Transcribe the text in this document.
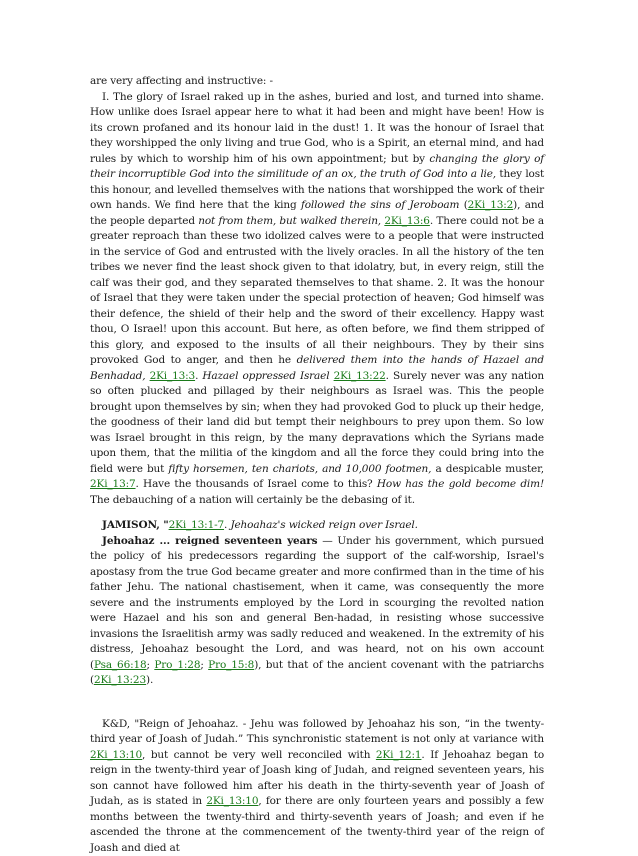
are very affecting and instructive: -

I. The glory of Israel raked up in the ashes, buried and lost, and turned into shame. How unlike does Israel appear here to what it had been and might have been! How is its crown profaned and its honour laid in the dust! 1. It was the honour of Israel that they worshipped the only living and true God, who is a Spirit, an eternal mind, and had rules by which to worship him of his own appointment; but by changing the glory of their incorruptible God into the similitude of an ox, the truth of God into a lie, they lost this honour, and levelled themselves with the nations that worshipped the work of their own hands. We find here that the king followed the sins of Jeroboam (2Ki_13:2), and the people departed not from them, but walked therein, 2Ki_13:6. There could not be a greater reproach than these two idolized calves were to a people that were instructed in the service of God and entrusted with the lively oracles. In all the history of the ten tribes we never find the least shock given to that idolatry, but, in every reign, still the calf was their god, and they separated themselves to that shame. 2. It was the honour of Israel that they were taken under the special protection of heaven; God himself was their defence, the shield of their help and the sword of their excellency. Happy wast thou, O Israel! upon this account. But here, as often before, we find them stripped of this glory, and exposed to the insults of all their neighbours. They by their sins provoked God to anger, and then he delivered them into the hands of Hazael and Benhadad, 2Ki_13:3. Hazael oppressed Israel 2Ki_13:22. Surely never was any nation so often plucked and pillaged by their neighbours as Israel was. This the people brought upon themselves by sin; when they had provoked God to pluck up their hedge, the goodness of their land did but tempt their neighbours to prey upon them. So low was Israel brought in this reign, by the many depravations which the Syrians made upon them, that the militia of the kingdom and all the force they could bring into the field were but fifty horsemen, ten chariots, and 10,000 footmen, a despicable muster, 2Ki_13:7. Have the thousands of Israel come to this? How has the gold become dim! The debauching of a nation will certainly be the debasing of it.

JAMISON, "2Ki_13:1-7. Jehoahaz's wicked reign over Israel.

Jehoahaz ... reigned seventeen years — Under his government, which pursued the policy of his predecessors regarding the support of the calf-worship, Israel's apostasy from the true God became greater and more confirmed than in the time of his father Jehu. The national chastisement, when it came, was consequently the more severe and the instruments employed by the Lord in scourging the revolted nation were Hazael and his son and general Ben-hadad, in resisting whose successive invasions the Israelitish army was sadly reduced and weakened. In the extremity of his distress, Jehoahaz besought the Lord, and was heard, not on his own account (Psa_66:18; Pro_1:28; Pro_15:8), but that of the ancient covenant with the patriarchs (2Ki_13:23).

K&D, "Reign of Jehoahaz. - Jehu was followed by Jehoahaz his son, “in the twenty-third year of Joash of Judah.” This synchronistic statement is not only at variance with 2Ki_13:10, but cannot be very well reconciled with 2Ki_12:1. If Jehoahaz began to reign in the twenty-third year of Joash king of Judah, and reigned seventeen years, his son cannot have followed him after his death in the thirty-seventh year of Joash of Judah, as is stated in 2Ki_13:10, for there are only fourteen years and possibly a few months between the twenty-third and thirty-seventh years of Joash; and even if he ascended the throne at the commencement of the twenty-third year of the reign of Joash and died at
